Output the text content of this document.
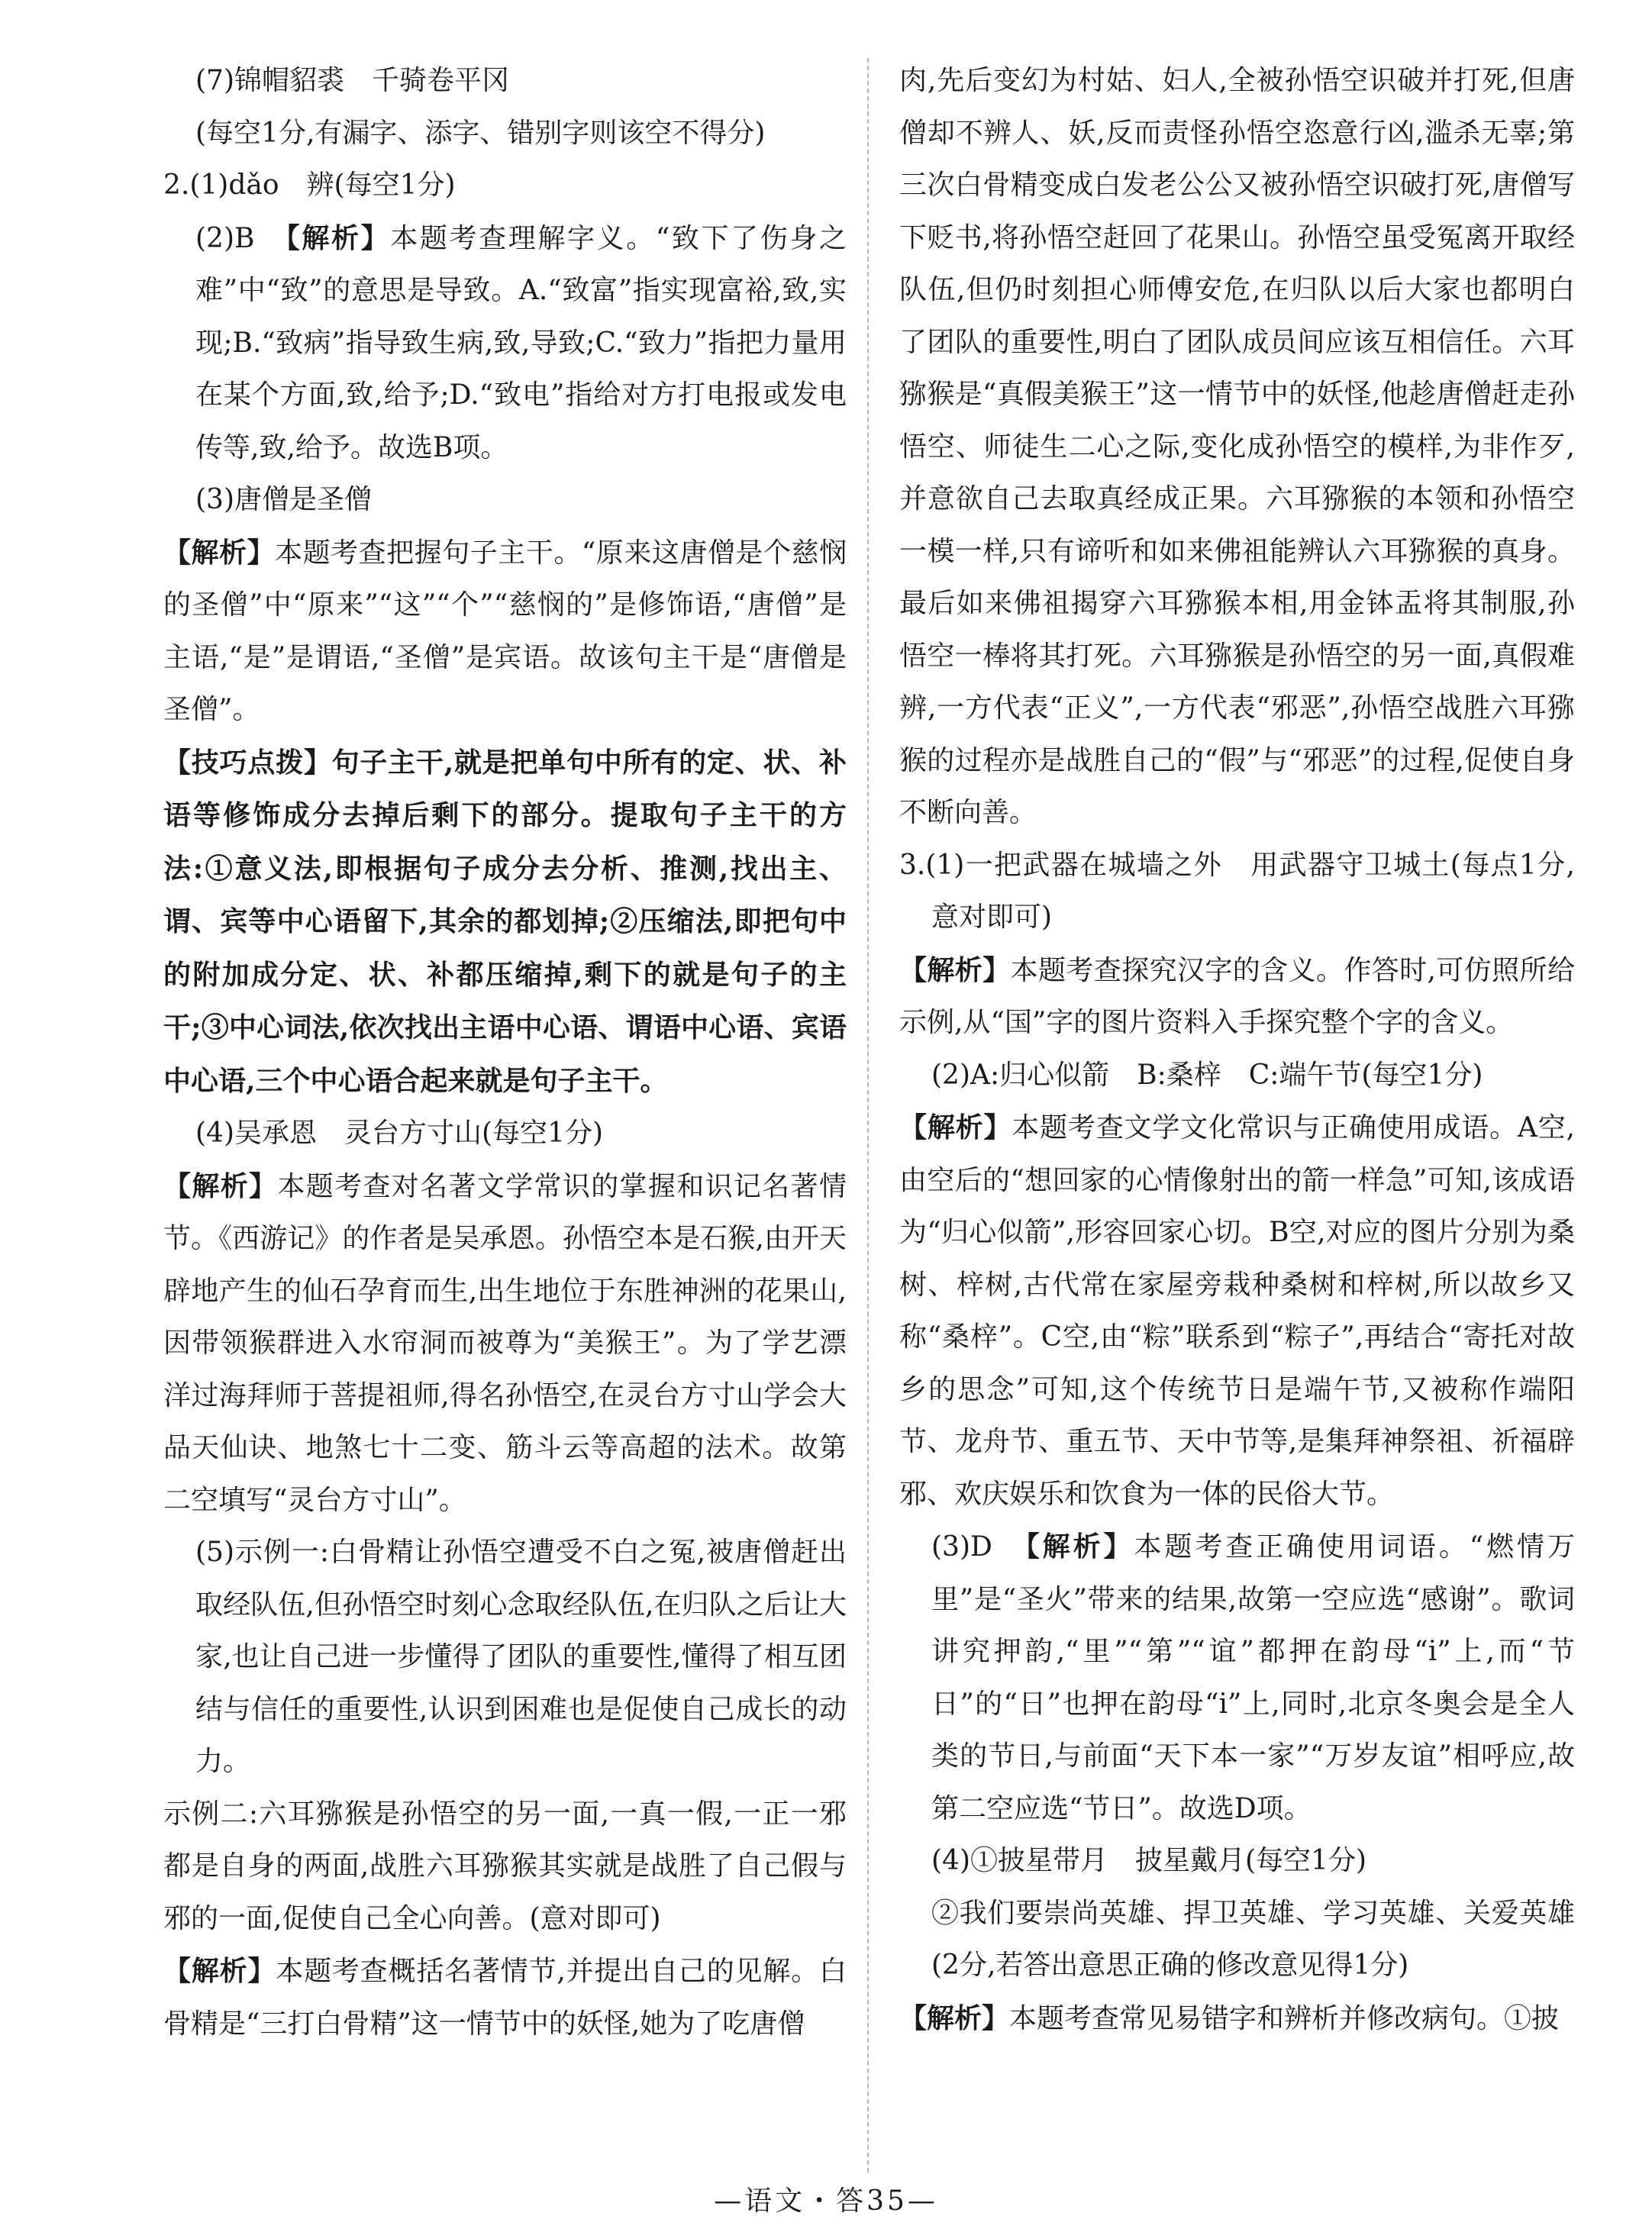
(7)锦帽貂裘　千骑卷平冈

(每空1分,有漏字、添字、错别字则该空不得分)

2.(1)dǎo　辨(每空1分)

(2)B　【解析】本题考查理解字义。“致下了伤身之难”中“致”的意思是导致。A.“致富”指实现富裕,致,实现;B.“致病”指导致生病,致,导致;C.“致力”指把力量用在某个方面,致,给予;D.“致电”指给对方打电报或发电传等,致,给予。故选B项。

(3)唐僧是圣僧

【解析】本题考查把握句子主干。“原来这唐僧是个慈悯的圣僧”中“原来”“这”“个”“慈悯的”是修饰语,“唐僧”是主语,“是”是谓语,“圣僧”是宾语。故该句主干是“唐僧是圣僧”。

【技巧点拨】句子主干,就是把单句中所有的定、状、补语等修饰成分去掉后剩下的部分。提取句子主干的方法:①意义法,即根据句子成分去分析、推测,找出主、谓、宾等中心语留下,其余的都划掉;②压缩法,即把句中的附加成分定、状、补都压缩掉,剩下的就是句子的主干;③中心词法,依次找出主语中心语、谓语中心语、宾语中心语,三个中心语合起来就是句子主干。

(4)吴承恩　灵台方寸山(每空1分)

【解析】本题考查对名著文学常识的掌握和识记名著情节。《西游记》的作者是吴承恩。孙悟空本是石猴,由开天辟地产生的仙石孕育而生,出生地位于东胜神洲的花果山,因带领猴群进入水帘洞而被尊为“美猴王”。为了学艺漂洋过海拜师于菩提祖师,得名孙悟空,在灵台方寸山学会大品天仙诀、地煞七十二变、筋斗云等高超的法术。故第二空填写“灵台方寸山”。

(5)示例一:白骨精让孙悟空遭受不白之冤,被唐僧赶出取经队伍,但孙悟空时刻心念取经队伍,在归队之后让大家,也让自己进一步懂得了团队的重要性,懂得了相互团结与信任的重要性,认识到困难也是促使自己成长的动力。

示例二:六耳猕猴是孙悟空的另一面,一真一假,一正一邪都是自身的两面,战胜六耳猕猴其实就是战胜了自己假与邪的一面,促使自己全心向善。(意对即可)

【解析】本题考查概括名著情节,并提出自己的见解。白骨精是“三打白骨精”这一情节中的妖怪,她为了吃唐僧

肉,先后变幻为村姑、妇人,全被孙悟空识破并打死,但唐僧却不辨人、妖,反而责怪孙悟空恣意行凶,滥杀无辜;第三次白骨精变成白发老公公又被孙悟空识破打死,唐僧写下贬书,将孙悟空赶回了花果山。孙悟空虽受冤离开取经队伍,但仍时刻担心师傅安危,在归队以后大家也都明白了团队的重要性,明白了团队成员间应该互相信任。六耳猕猴是“真假美猴王”这一情节中的妖怪,他趁唐僧赶走孙悟空、师徒生二心之际,变化成孙悟空的模样,为非作歹,并意欲自己去取真经成正果。六耳猕猴的本领和孙悟空一模一样,只有谛听和如来佛祖能辨认六耳猕猴的真身。最后如来佛祖揭穿六耳猕猴本相,用金钵盂将其制服,孙悟空一棒将其打死。六耳猕猴是孙悟空的另一面,真假难辨,一方代表“正义”,一方代表“邪恶”,孙悟空战胜六耳猕猴的过程亦是战胜自己的“假”与“邪恶”的过程,促使自身不断向善。

3.(1)一把武器在城墙之外　用武器守卫城土(每点1分,意对即可)

【解析】本题考查探究汉字的含义。作答时,可仿照所给示例,从“国”字的图片资料入手探究整个字的含义。

(2)A:归心似箭　B:桑梓　C:端午节(每空1分)

【解析】本题考查文学文化常识与正确使用成语。A空,由空后的“想回家的心情像射出的箭一样急”可知,该成语为“归心似箭”,形容回家心切。B空,对应的图片分别为桑树、梓树,古代常在家屋旁栽种桑树和梓树,所以故乡又称“桑梓”。C空,由“粽”联系到“粽子”,再结合“寄托对故乡的思念”可知,这个传统节日是端午节,又被称作端阳节、龙舟节、重五节、天中节等,是集拜神祭祖、祈福辟邪、欢庆娱乐和饮食为一体的民俗大节。

(3)D　【解析】本题考查正确使用词语。“燃情万里”是“圣火”带来的结果,故第一空应选“感谢”。歌词讲究押韵,“里”“第”“谊”都押在韵母“i”上,而“节日”的“日”也押在韵母“i”上,同时,北京冬奥会是全人类的节日,与前面“天下本一家”“万岁友谊”相呼应,故第二空应选“节日”。故选D项。

(4)①披星带月　披星戴月(每空1分)

②我们要崇尚英雄、捍卫英雄、学习英雄、关爱英雄(2分,若答出意思正确的修改意见得1分)

【解析】本题考查常见易错字和辨析并修改病句。①披

—语文・答35—
